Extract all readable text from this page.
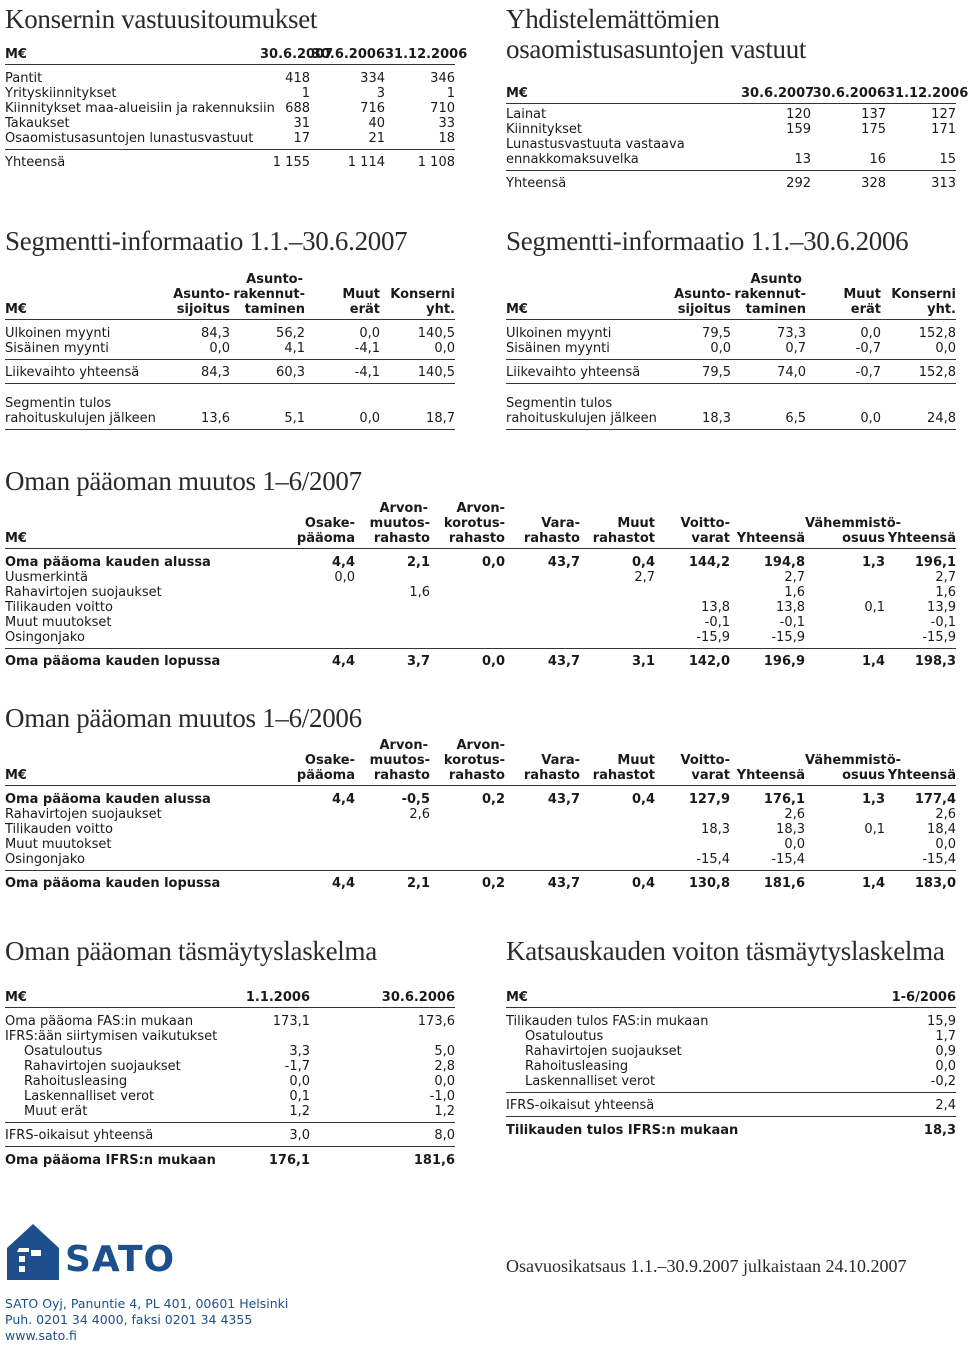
Konsernin vastuusitoumukset
M€	30.6.2007	30.6.2006	31.12.2006

Pantit	418	334	346
Yrityskiinnitykset	1	3	1
Kiinnitykset maa-alueisiin ja rakennuksiin	688	716	710
Takaukset	31	40	33
Osaomistusasuntojen lunastusvastuut	17	21	18

Yhteensä	1 155	1 114	1 108
Yhdistelemättömien
osaomistusasuntojen vastuut
M€	30.6.2007	30.6.2006	31.12.2006

Lainat	120	137	127
Kiinnitykset	159	175	171
Lunastusvastuuta vastaava			
ennakkomaksuvelka	13	16	15

Yhteensä	292	328	313
Segmentti-informaatio 1.1.–30.6.2007
		Asunto-		
	Asunto-	rakennut-	Muut	Konserni
M€	sijoitus	taminen	erät	yht.

Ulkoinen myynti	84,3	56,2	0,0	140,5
Sisäinen myynti	0,0	4,1	-4,1	0,0

Liikevaihto yhteensä	84,3	60,3	-4,1	140,5

Segmentin tulos				
rahoituskulujen jälkeen	13,6	5,1	0,0	18,7
Segmentti-informaatio 1.1.–30.6.2006
		Asunto		
	Asunto-	rakennut-	Muut	Konserni
M€	sijoitus	taminen	erät	yht.

Ulkoinen myynti	79,5	73,3	0,0	152,8
Sisäinen myynti	0,0	0,7	-0,7	0,0

Liikevaihto yhteensä	79,5	74,0	-0,7	152,8

Segmentin tulos				
rahoituskulujen jälkeen	18,3	6,5	0,0	24,8
Oman pääoman muutos 1–6/2007
		Arvon-	Arvon-						
	Osake-	muutos-	korotus-	Vara-	Muut	Voitto-		Vähemmistö-	
M€	pääoma	rahasto	rahasto	rahasto	rahastot	varat	Yhteensä	osuus	Yhteensä

Oma pääoma kauden alussa	4,4	2,1	0,0	43,7	0,4	144,2	194,8	1,3	196,1
Uusmerkintä	0,0				2,7		2,7		2,7
Rahavirtojen suojaukset		1,6					1,6		1,6
Tilikauden voitto						13,8	13,8	0,1	13,9
Muut muutokset						-0,1	-0,1		-0,1
Osingonjako						-15,9	-15,9		-15,9

Oma pääoma kauden lopussa	4,4	3,7	0,0	43,7	3,1	142,0	196,9	1,4	198,3
Oman pääoman muutos 1–6/2006
		Arvon-	Arvon-						
	Osake-	muutos-	korotus-	Vara-	Muut	Voitto-		Vähemmistö-	
M€	pääoma	rahasto	rahasto	rahasto	rahastot	varat	Yhteensä	osuus	Yhteensä

Oma pääoma kauden alussa	4,4	-0,5	0,2	43,7	0,4	127,9	176,1	1,3	177,4
Rahavirtojen suojaukset		2,6					2,6		2,6
Tilikauden voitto						18,3	18,3	0,1	18,4
Muut muutokset							0,0		0,0
Osingonjako						-15,4	-15,4		-15,4

Oma pääoma kauden lopussa	4,4	2,1	0,2	43,7	0,4	130,8	181,6	1,4	183,0
Oman pääoman täsmäytyslaskelma
M€	1.1.2006	30.6.2006

Oma pääoma FAS:in mukaan	173,1	173,6
IFRS:ään siirtymisen vaikutukset		
Osatuloutus	3,3	5,0
Rahavirtojen suojaukset	-1,7	2,8
Rahoitusleasing	0,0	0,0
Laskennalliset verot	0,1	-1,0
Muut erät	1,2	1,2

IFRS-oikaisut yhteensä	3,0	8,0

Oma pääoma IFRS:n mukaan	176,1	181,6
Katsauskauden voiton täsmäytyslaskelma
M€	1-6/2006

Tilikauden tulos FAS:in mukaan	15,9
Osatuloutus	1,7
Rahavirtojen suojaukset	0,9
Rahoitusleasing	0,0
Laskennalliset verot	-0,2

IFRS-oikaisut yhteensä	2,4

Tilikauden tulos IFRS:n mukaan	18,3
SATO
SATO Oyj, Panuntie 4, PL 401, 00601 Helsinki
Puh. 0201 34 4000, faksi 0201 34 4355
www.sato.fi
Osavuosikatsaus 1.1.–30.9.2007 julkaistaan 24.10.2007
